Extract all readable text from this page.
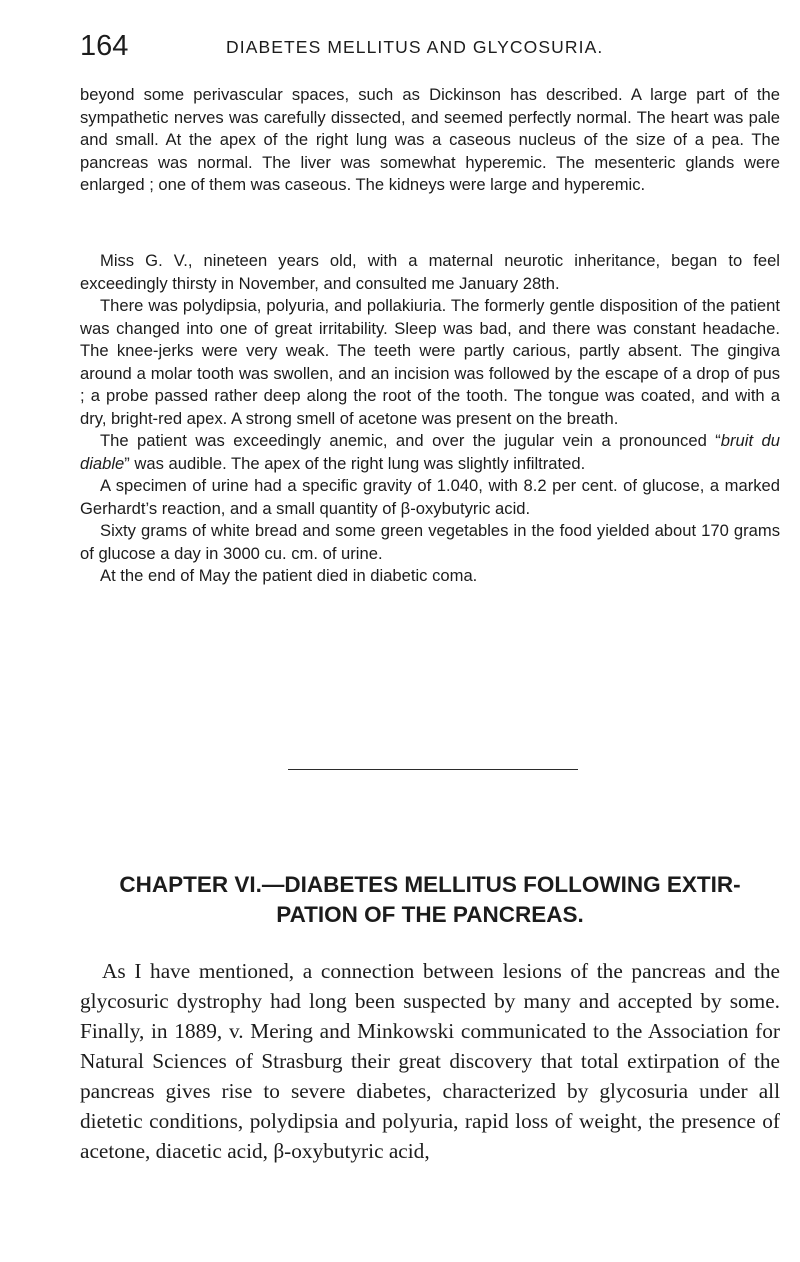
164	DIABETES MELLITUS AND GLYCOSURIA.

beyond some perivascular spaces, such as Dickinson has described. A large part of the sympathetic nerves was carefully dissected, and seemed perfectly normal. The heart was pale and small. At the apex of the right lung was a caseous nucleus of the size of a pea. The pancreas was normal. The liver was somewhat hyperemic. The mesenteric glands were enlarged ; one of them was caseous. The kidneys were large and hyperemic.

Miss G. V., nineteen years old, with a maternal neurotic inheritance, began to feel exceedingly thirsty in November, and consulted me January 28th.

There was polydipsia, polyuria, and pollakiuria. The formerly gentle disposition of the patient was changed into one of great irritability. Sleep was bad, and there was constant headache. The knee-jerks were very weak. The teeth were partly carious, partly absent. The gingiva around a molar tooth was swollen, and an incision was followed by the escape of a drop of pus ; a probe passed rather deep along the root of the tooth. The tongue was coated, and with a dry, bright-red apex. A strong smell of acetone was present on the breath.

The patient was exceedingly anemic, and over the jugular vein a pronounced “bruit du diable” was audible. The apex of the right lung was slightly infiltrated.

A specimen of urine had a specific gravity of 1.040, with 8.2 per cent. of glucose, a marked Gerhardt’s reaction, and a small quantity of β-oxybutyric acid.

Sixty grams of white bread and some green vegetables in the food yielded about 170 grams of glucose a day in 3000 cu. cm. of urine.

At the end of May the patient died in diabetic coma.

CHAPTER VI.—DIABETES MELLITUS FOLLOWING EXTIR-
PATION OF THE PANCREAS.

As I have mentioned, a connection between lesions of the pancreas and the glycosuric dystrophy had long been suspected by many and accepted by some. Finally, in 1889, v. Mering and Minkowski communicated to the Association for Natural Sciences of Strasburg their great discovery that total extirpation of the pancreas gives rise to severe diabetes, characterized by glycosuria under all dietetic conditions, polydipsia and polyuria, rapid loss of weight, the presence of acetone, diacetic acid, β-oxybutyric acid,
